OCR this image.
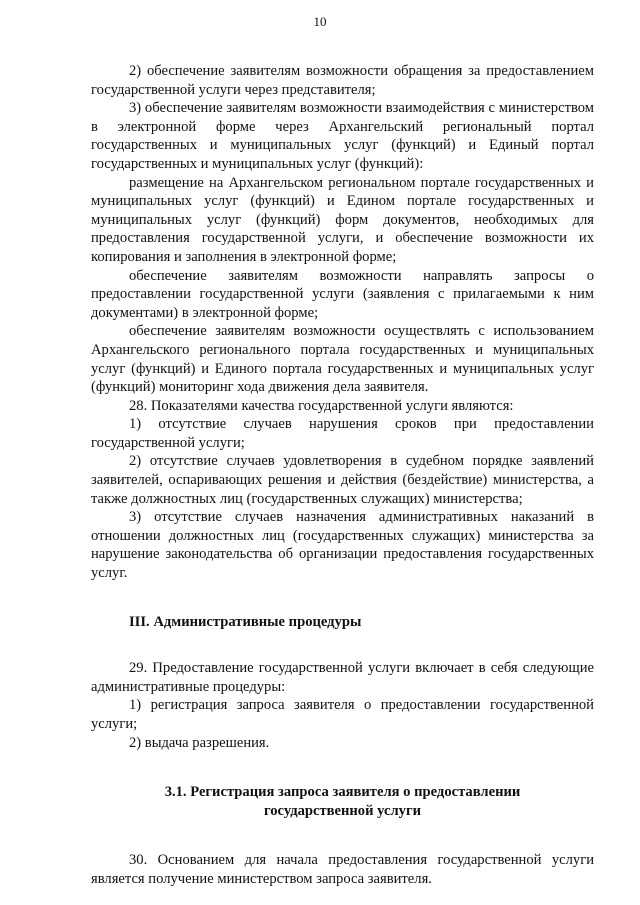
10

2) обеспечение заявителям возможности обращения за предоставлением государственной услуги через представителя;

3) обеспечение заявителям возможности взаимодействия с министерством в электронной форме через Архангельский региональный портал государственных и муниципальных услуг (функций) и Единый портал государственных и муниципальных услуг (функций):

размещение на Архангельском региональном портале государственных и муниципальных услуг (функций) и Едином портале государственных и муниципальных услуг (функций) форм документов, необходимых для предоставления государственной услуги, и обеспечение возможности их копирования и заполнения в электронной форме;

обеспечение заявителям возможности направлять запросы о предоставлении государственной услуги (заявления с прилагаемыми к ним документами) в электронной форме;

обеспечение заявителям возможности осуществлять с использованием Архангельского регионального портала государственных и муниципальных услуг (функций) и Единого портала государственных и муниципальных услуг (функций) мониторинг хода движения дела заявителя.

28. Показателями качества государственной услуги являются:

1) отсутствие случаев нарушения сроков при предоставлении государственной услуги;

2) отсутствие случаев удовлетворения в судебном порядке заявлений заявителей, оспаривающих решения и действия (бездействие) министерства, а также должностных лиц (государственных служащих) министерства;

3) отсутствие случаев назначения административных наказаний в отношении должностных лиц (государственных служащих) министерства за нарушение законодательства об организации предоставления государственных услуг.

III. Административные процедуры

29. Предоставление государственной услуги включает в себя следующие административные процедуры:

1) регистрация запроса заявителя о предоставлении государственной услуги;

2) выдача разрешения.

3.1. Регистрация запроса заявителя о предоставлении
государственной услуги

30. Основанием для начала предоставления государственной услуги является получение министерством запроса заявителя.
